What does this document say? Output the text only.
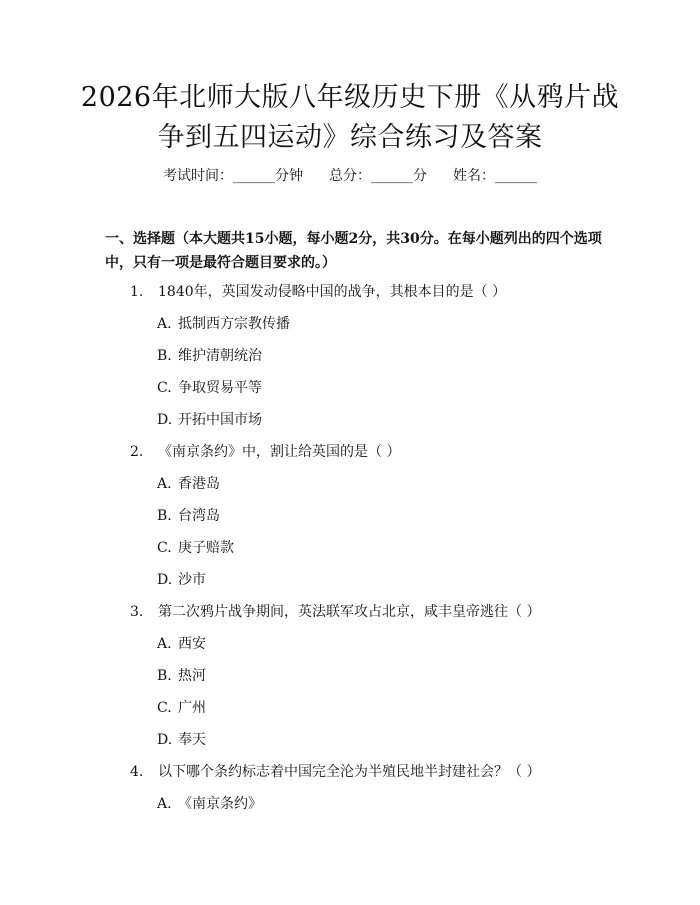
2026年北师大版八年级历史下册《从鸦片战
争到五四运动》综合练习及答案
考试时间：______分钟 总分：______分 姓名：______

一、选择题（本大题共15小题，每小题2分，共30分。在每小题列出的四个选项中，只有一项是最符合题目要求的。）

1. 1840年，英国发动侵略中国的战争，其根本目的是（ ）
A. 抵制西方宗教传播
B. 维护清朝统治
C. 争取贸易平等
D. 开拓中国市场
2. 《南京条约》中，割让给英国的是（ ）
A. 香港岛
B. 台湾岛
C. 庚子赔款
D. 沙市
3. 第二次鸦片战争期间，英法联军攻占北京，咸丰皇帝逃往（ ）
A. 西安
B. 热河
C. 广州
D. 奉天
4. 以下哪个条约标志着中国完全沦为半殖民地半封建社会？（ ）
A. 《南京条约》
